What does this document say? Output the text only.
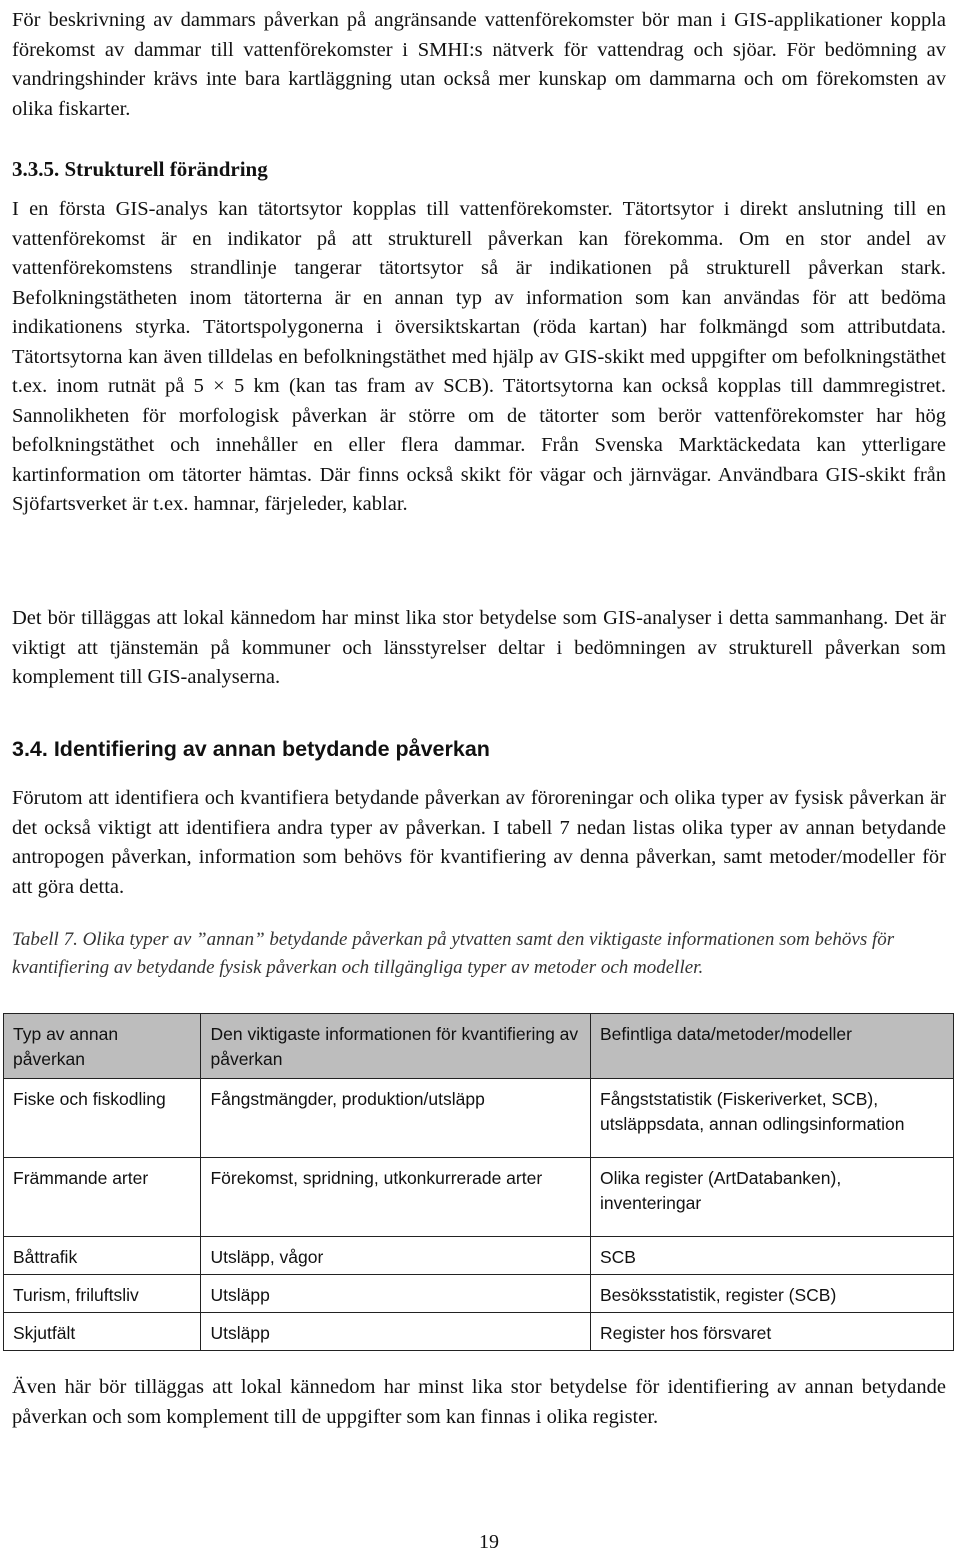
För beskrivning av dammars påverkan på angränsande vattenförekomster bör man i GIS-applikationer koppla förekomst av dammar till vattenförekomster i SMHI:s nätverk för vattendrag och sjöar. För bedömning av vandringshinder krävs inte bara kartläggning utan också mer kunskap om dammarna och om förekomsten av olika fiskarter.

3.3.5. Strukturell förändring

I en första GIS-analys kan tätortsytor kopplas till vattenförekomster. Tätortsytor i direkt anslutning till en vattenförekomst är en indikator på att strukturell påverkan kan förekomma. Om en stor andel av vattenförekomstens strandlinje tangerar tätortsytor så är indikationen på strukturell påverkan stark. Befolkningstätheten inom tätorterna är en annan typ av information som kan användas för att bedöma indikationens styrka. Tätortspolygonerna i översiktskartan (röda kartan) har folkmängd som attributdata. Tätortsytorna kan även tilldelas en befolkningstäthet med hjälp av GIS-skikt med uppgifter om befolkningstäthet t.ex. inom rutnät på 5 × 5 km (kan tas fram av SCB). Tätortsytorna kan också kopplas till dammregistret. Sannolikheten för morfologisk påverkan är större om de tätorter som berör vattenförekomster har hög befolkningstäthet och innehåller en eller flera dammar. Från Svenska Marktäckedata kan ytterligare kartinformation om tätorter hämtas. Där finns också skikt för vägar och järnvägar. Användbara GIS-skikt från Sjöfartsverket är t.ex. hamnar, färjeleder, kablar.

Det bör tilläggas att lokal kännedom har minst lika stor betydelse som GIS-analyser i detta sammanhang. Det är viktigt att tjänstemän på kommuner och länsstyrelser deltar i bedömningen av strukturell påverkan som komplement till GIS-analyserna.

3.4. Identifiering av annan betydande påverkan

Förutom att identifiera och kvantifiera betydande påverkan av föroreningar och olika typer av fysisk påverkan är det också viktigt att identifiera andra typer av påverkan. I tabell 7 nedan listas olika typer av annan betydande antropogen påverkan, information som behövs för kvantifiering av denna påverkan, samt metoder/modeller för att göra detta.

Tabell 7. Olika typer av ”annan” betydande påverkan på ytvatten samt den viktigaste informationen som behövs för kvantifiering av betydande fysisk påverkan och tillgängliga typer av metoder och modeller.

Typ av annan påverkan	Den viktigaste informationen för kvantifiering av påverkan	Befintliga data/metoder/modeller
Fiske och fiskodling	Fångstmängder, produktion/utsläpp	Fångststatistik (Fiskeriverket, SCB), utsläppsdata, annan odlingsinformation
Främmande arter	Förekomst, spridning, utkonkurrerade arter	Olika register (ArtDatabanken), inventeringar
Båttrafik	Utsläpp, vågor	SCB
Turism, friluftsliv	Utsläpp	Besöksstatistik, register (SCB)
Skjutfält	Utsläpp	Register hos försvaret

Även här bör tilläggas att lokal kännedom har minst lika stor betydelse för identifiering av annan betydande påverkan och som komplement till de uppgifter som kan finnas i olika register.

19
